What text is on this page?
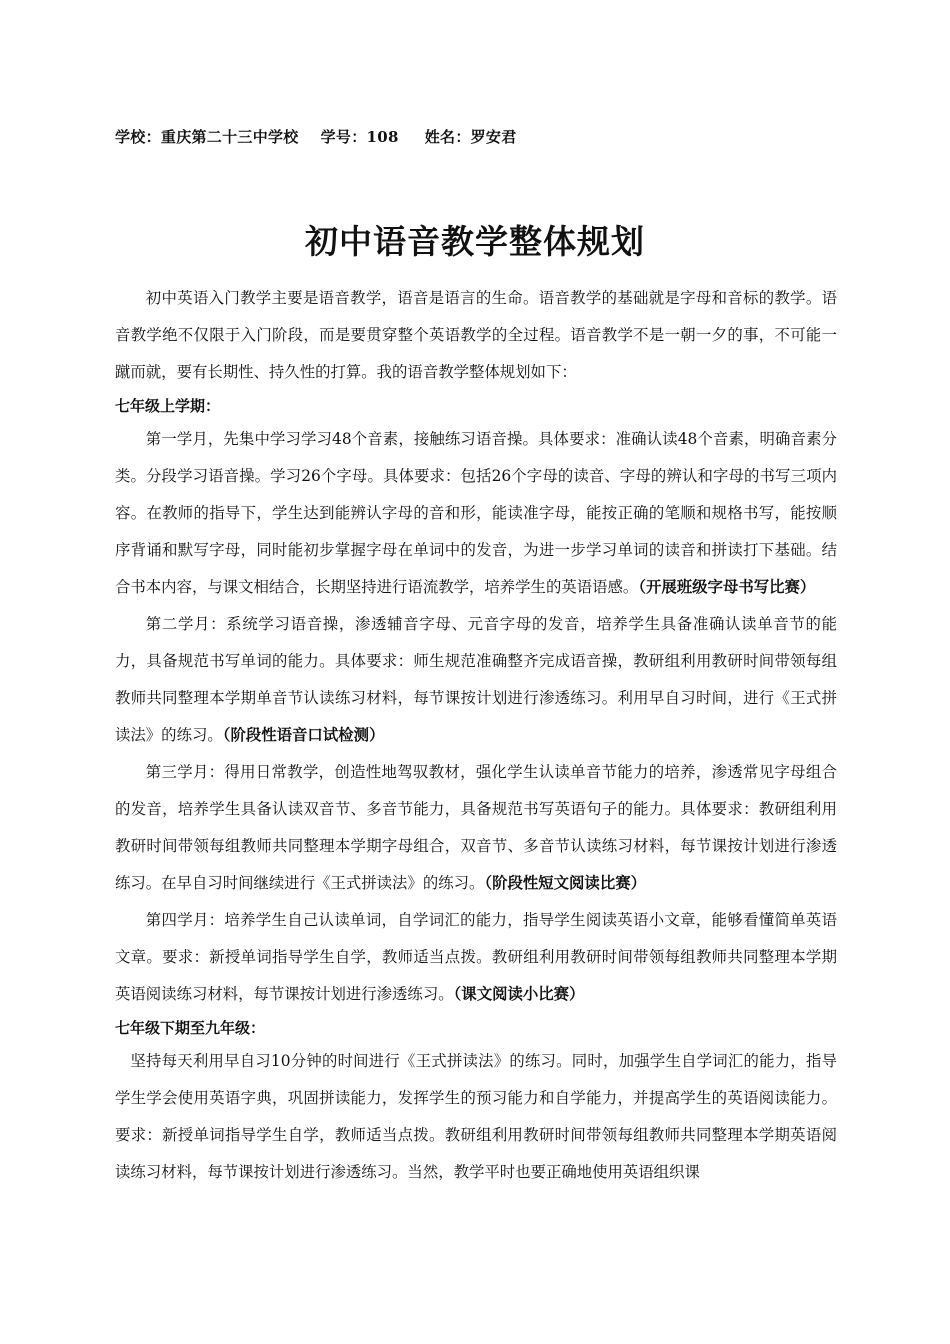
学校：重庆第二十三中学校 学号：108 姓名：罗安君
初中语音教学整体规划

初中英语入门教学主要是语音教学，语音是语言的生命。语音教学的基础就是字母和音标的教学。语音教学绝不仅限于入门阶段，而是要贯穿整个英语教学的全过程。语音教学不是一朝一夕的事，不可能一蹴而就，要有长期性、持久性的打算。我的语音教学整体规划如下：

七年级上学期：

第一学月，先集中学习学习48个音素，接触练习语音操。具体要求：准确认读48个音素，明确音素分类。分段学习语音操。学习26个字母。具体要求：包括26个字母的读音、字母的辨认和字母的书写三项内容。在教师的指导下，学生达到能辨认字母的音和形，能读准字母，能按正确的笔顺和规格书写，能按顺序背诵和默写字母，同时能初步掌握字母在单词中的发音，为进一步学习单词的读音和拼读打下基础。结合书本内容，与课文相结合，长期坚持进行语流教学，培养学生的英语语感。（开展班级字母书写比赛）

第二学月：系统学习语音操，渗透辅音字母、元音字母的发音，培养学生具备准确认读单音节的能力，具备规范书写单词的能力。具体要求：师生规范准确整齐完成语音操，教研组利用教研时间带领每组教师共同整理本学期单音节认读练习材料，每节课按计划进行渗透练习。利用早自习时间，进行《王式拼读法》的练习。（阶段性语音口试检测）

第三学月：得用日常教学，创造性地驾驭教材，强化学生认读单音节能力的培养，渗透常见字母组合的发音，培养学生具备认读双音节、多音节能力，具备规范书写英语句子的能力。具体要求：教研组利用教研时间带领每组教师共同整理本学期字母组合，双音节、多音节认读练习材料，每节课按计划进行渗透练习。在早自习时间继续进行《王式拼读法》的练习。（阶段性短文阅读比赛）

第四学月：培养学生自己认读单词，自学词汇的能力，指导学生阅读英语小文章，能够看懂简单英语文章。要求：新授单词指导学生自学，教师适当点拨。教研组利用教研时间带领每组教师共同整理本学期英语阅读练习材料，每节课按计划进行渗透练习。（课文阅读小比赛）

七年级下期至九年级：

坚持每天利用早自习10分钟的时间进行《王式拼读法》的练习。同时，加强学生自学词汇的能力，指导学生学会使用英语字典，巩固拼读能力，发挥学生的预习能力和自学能力，并提高学生的英语阅读能力。要求：新授单词指导学生自学，教师适当点拨。教研组利用教研时间带领每组教师共同整理本学期英语阅读练习材料，每节课按计划进行渗透练习。当然，教学平时也要正确地使用英语组织课
